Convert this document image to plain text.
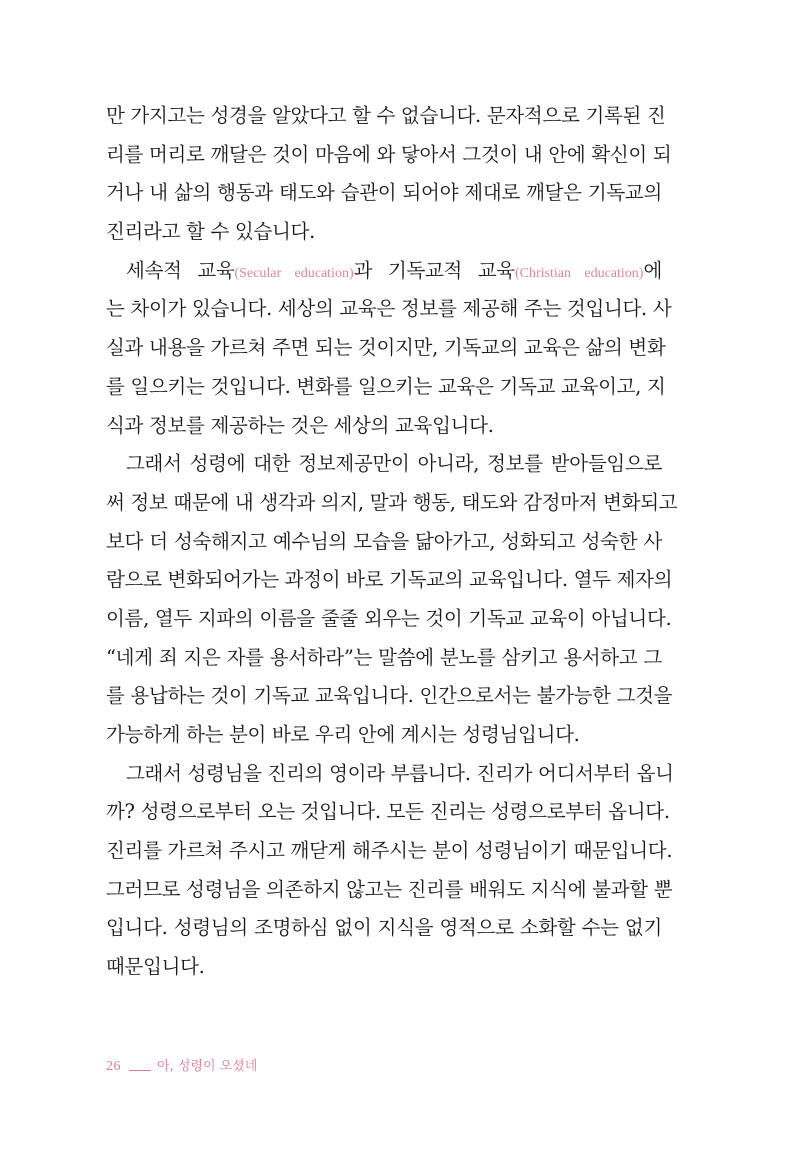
만 가지고는 성경을 알았다고 할 수 없습니다. 문자적으로 기록된 진
리를 머리로 깨달은 것이 마음에 와 닿아서 그것이 내 안에 확신이 되
거나 내 삶의 행동과 태도와 습관이 되어야 제대로 깨달은 기독교의
진리라고 할 수 있습니다.
세속적 교육(Secular education)과 기독교적 교육(Christian education)에
는 차이가 있습니다. 세상의 교육은 정보를 제공해 주는 것입니다. 사
실과 내용을 가르쳐 주면 되는 것이지만, 기독교의 교육은 삶의 변화
를 일으키는 것입니다. 변화를 일으키는 교육은 기독교 교육이고, 지
식과 정보를 제공하는 것은 세상의 교육입니다.
그래서 성령에 대한 정보제공만이 아니라, 정보를 받아들임으로
써 정보 때문에 내 생각과 의지, 말과 행동, 태도와 감정마저 변화되고
보다 더 성숙해지고 예수님의 모습을 닮아가고, 성화되고 성숙한 사
람으로 변화되어가는 과정이 바로 기독교의 교육입니다. 열두 제자의
이름, 열두 지파의 이름을 줄줄 외우는 것이 기독교 교육이 아닙니다.
“네게 죄 지은 자를 용서하라”는 말씀에 분노를 삼키고 용서하고 그
를 용납하는 것이 기독교 교육입니다. 인간으로서는 불가능한 그것을
가능하게 하는 분이 바로 우리 안에 계시는 성령님입니다.
그래서 성령님을 진리의 영이라 부릅니다. 진리가 어디서부터 옵니
까? 성령으로부터 오는 것입니다. 모든 진리는 성령으로부터 옵니다.
진리를 가르쳐 주시고 깨닫게 해주시는 분이 성령님이기 때문입니다.
그러므로 성령님을 의존하지 않고는 진리를 배워도 지식에 불과할 뿐
입니다. 성령님의 조명하심 없이 지식을 영적으로 소화할 수는 없기
때문입니다.
26	아, 성령이 오셨네
